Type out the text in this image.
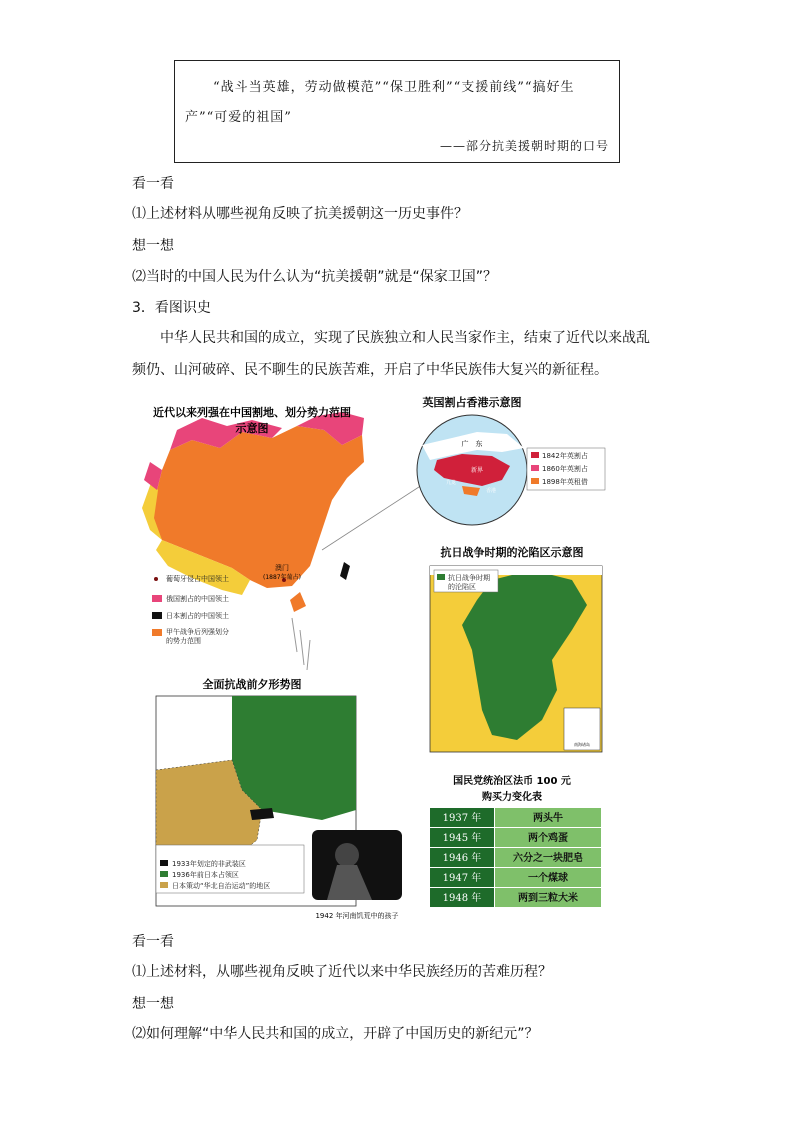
“战斗当英雄，劳动做模范”“保卫胜利”“支援前线”“搞好生产”“可爱的祖国”
——部分抗美援朝时期的口号
看一看
⑴上述材料从哪些视角反映了抗美援朝这一历史事件？
想一想
⑵当时的中国人民为什么认为“抗美援朝”就是“保家卫国”？
3．看图识史
中华人民共和国的成立，实现了民族独立和人民当家作主，结束了近代以来战乱频仍、山河破碎、民不聊生的民族苦难，开启了中华民族伟大复兴的新征程。
澳门
(1887年葡占)
葡萄牙侵占中国领土
俄国割占的中国领土
日本割占的中国领土
甲午战争后列强划分
的势力范围
广　东
新界
九龙
香港
1842年英割占
1860年英割占
1898年英租借
南海诸岛
抗日战争时期
的沦陷区
1933年划定的非武装区
1936年前日本占领区
日本策动“华北自治运动”的地区
1942 年河南饥荒中的孩子
国民党统治区法币 100 元
购买力变化表
1937 年	两头牛
1945 年	两个鸡蛋
1946 年	六分之一块肥皂
1947 年	一个煤球
1948 年	两到三粒大米
近代以来列强在中国割地、划分势力范围
示意图
英国割占香港示意图
抗日战争时期的沦陷区示意图
全面抗战前夕形势图
看一看
⑴上述材料，从哪些视角反映了近代以来中华民族经历的苦难历程？
想一想
⑵如何理解“中华人民共和国的成立，开辟了中国历史的新纪元”？
